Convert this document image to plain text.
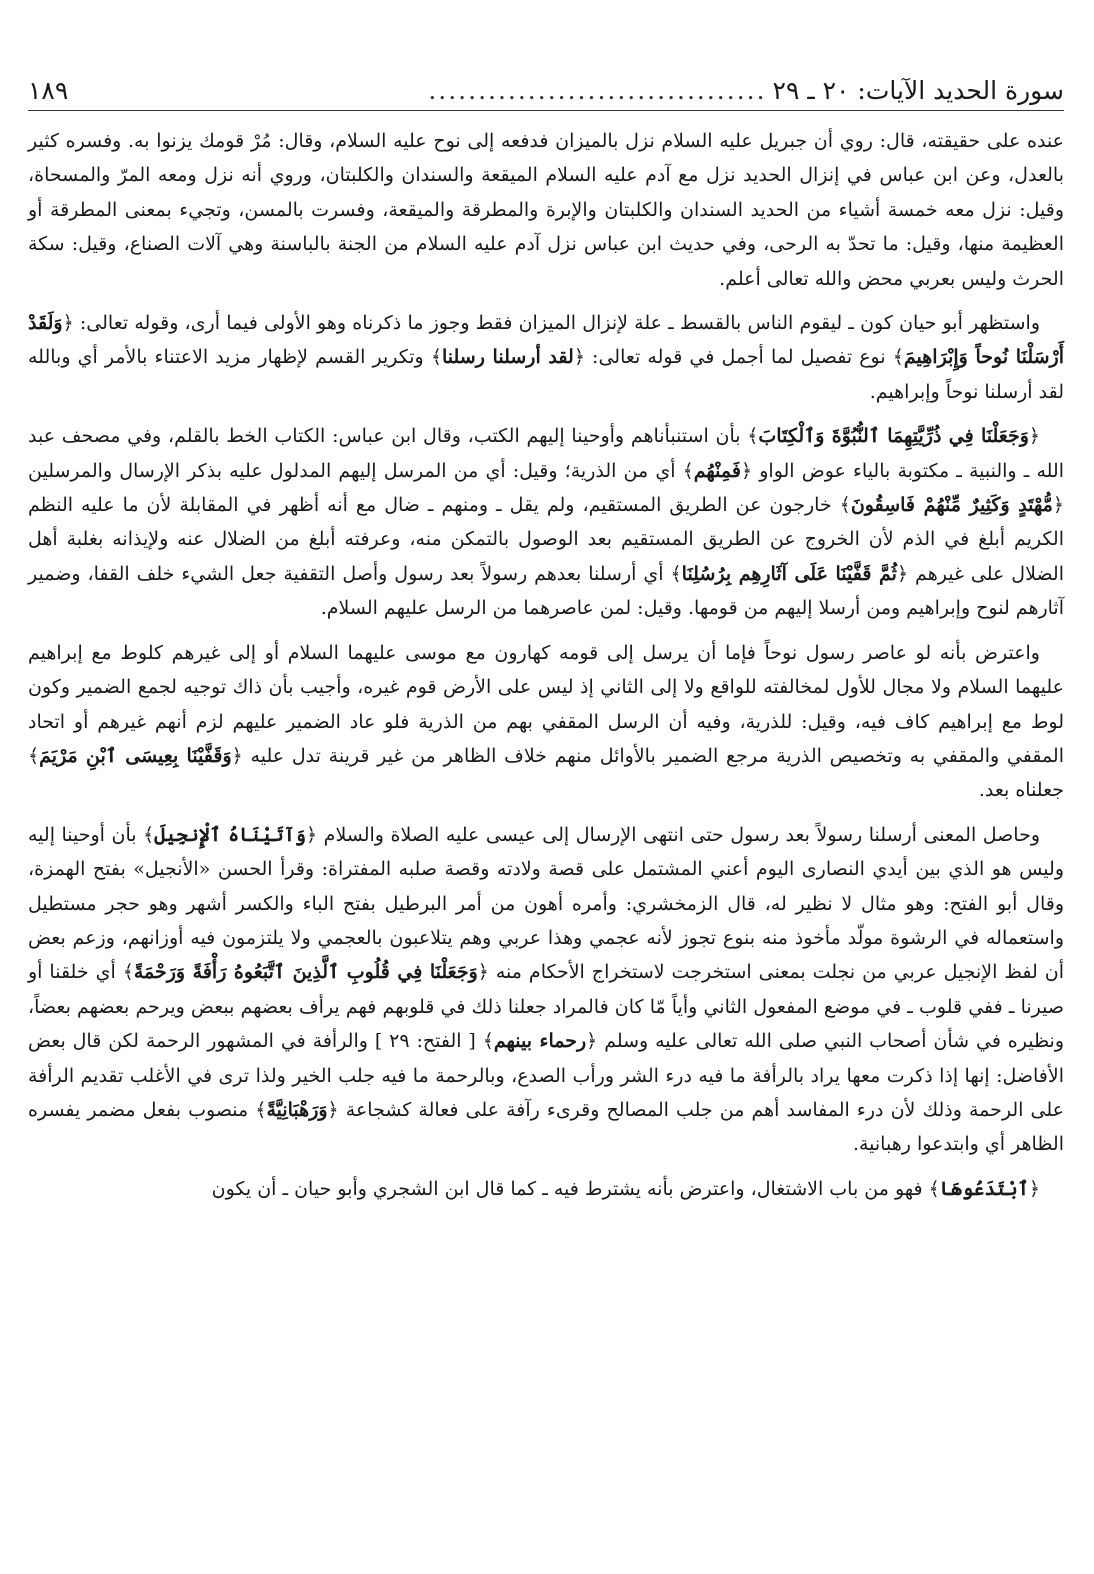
سورة الحديد الآيات: ٢٠ ـ ٢٩
..................................
١٨٩

عنده على حقيقته، قال: روي أن جبريل عليه السلام نزل بالميزان فدفعه إلى نوح عليه السلام، وقال: مُرْ قومك يزنوا به. وفسره كثير بالعدل، وعن ابن عباس في إنزال الحديد نزل مع آدم عليه السلام الميقعة والسندان والكلبتان، وروي أنه نزل ومعه المرّ والمسحاة، وقيل: نزل معه خمسة أشياء من الحديد السندان والكلبتان والإبرة والمطرقة والميقعة، وفسرت بالمسن، وتجيء بمعنى المطرقة أو العظيمة منها، وقيل: ما تحدّ به الرحى، وفي حديث ابن عباس نزل آدم عليه السلام من الجنة بالباسنة وهي آلات الصناع، وقيل: سكة الحرث وليس بعربي محض والله تعالى أعلم.

واستظهر أبو حيان كون ـ ليقوم الناس بالقسط ـ علة لإنزال الميزان فقط وجوز ما ذكرناه وهو الأولى فيما أرى، وقوله تعالى: ﴿وَلَقَدْ أَرْسَلْنَا نُوحاً وَإِبْرَاهِيمَ﴾ نوع تفصيل لما أجمل في قوله تعالى: ﴿لقد أرسلنا رسلنا﴾ وتكرير القسم لإظهار مزيد الاعتناء بالأمر أي وبالله لقد أرسلنا نوحاً وإبراهيم.

﴿وَجَعَلْنَا فِي ذُرِّيَّتِهِمَا ٱلنُّبُوَّةَ وَٱلْكِتَابَ﴾ بأن استنبأناهم وأوحينا إليهم الكتب، وقال ابن عباس: الكتاب الخط بالقلم، وفي مصحف عبد الله ـ والنبية ـ مكتوبة بالياء عوض الواو ﴿فَمِنْهُم﴾ أي من الذرية؛ وقيل: أي من المرسل إليهم المدلول عليه بذكر الإرسال والمرسلين ﴿مُّهْتَدٍ وَكَثِيرٌ مِّنْهُمْ فَاسِقُونَ﴾ خارجون عن الطريق المستقيم، ولم يقل ـ ومنهم ـ ضال مع أنه أظهر في المقابلة لأن ما عليه النظم الكريم أبلغ في الذم لأن الخروج عن الطريق المستقيم بعد الوصول بالتمكن منه، وعرفته أبلغ من الضلال عنه ولإيذانه بغلبة أهل الضلال على غيرهم ﴿ثُمَّ قَفَّيْنَا عَلَى آثَارِهِم بِرُسُلِنَا﴾ أي أرسلنا بعدهم رسولاً بعد رسول وأصل التقفية جعل الشيء خلف القفا، وضمير آثارهم لنوح وإبراهيم ومن أرسلا إليهم من قومها. وقيل: لمن عاصرهما من الرسل عليهم السلام.

واعترض بأنه لو عاصر رسول نوحاً فإما أن يرسل إلى قومه كهارون مع موسى عليهما السلام أو إلى غيرهم كلوط مع إبراهيم عليهما السلام ولا مجال للأول لمخالفته للواقع ولا إلى الثاني إذ ليس على الأرض قوم غيره، وأجيب بأن ذاك توجيه لجمع الضمير وكون لوط مع إبراهيم كاف فيه، وقيل: للذرية، وفيه أن الرسل المقفي بهم من الذرية فلو عاد الضمير عليهم لزم أنهم غيرهم أو اتحاد المقفي والمقفي به وتخصيص الذرية مرجع الضمير بالأوائل منهم خلاف الظاهر من غير قرينة تدل عليه ﴿وَقَفَّيْنَا بِعِيسَى ٱبْنِ مَرْيَمَ﴾ جعلناه بعد.

وحاصل المعنى أرسلنا رسولاً بعد رسول حتى انتهى الإرسال إلى عيسى عليه الصلاة والسلام ﴿وَآتَيْنَاهُ ٱلْإِنجِيلَ﴾ بأن أوحينا إليه وليس هو الذي بين أيدي النصارى اليوم أعني المشتمل على قصة ولادته وقصة صلبه المفتراة: وقرأ الحسن «الأنجيل» بفتح الهمزة، وقال أبو الفتح: وهو مثال لا نظير له، قال الزمخشري: وأمره أهون من أمر البرطيل بفتح الباء والكسر أشهر وهو حجر مستطيل واستعماله في الرشوة مولّد مأخوذ منه بنوع تجوز لأنه عجمي وهذا عربي وهم يتلاعبون بالعجمي ولا يلتزمون فيه أوزانهم، وزعم بعض أن لفظ الإنجيل عربي من نجلت بمعنى استخرجت لاستخراج الأحكام منه ﴿وَجَعَلْنَا فِي قُلُوبِ ٱلَّذِينَ ٱتَّبَعُوهُ رَأْفَةً وَرَحْمَةً﴾ أي خلقنا أو صيرنا ـ ففي قلوب ـ في موضع المفعول الثاني وأياً مّا كان فالمراد جعلنا ذلك في قلوبهم فهم يرأف بعضهم ببعض ويرحم بعضهم بعضاً، ونظيره في شأن أصحاب النبي صلى الله تعالى عليه وسلم ﴿رحماء بينهم﴾ [ الفتح: ٢٩ ] والرأفة في المشهور الرحمة لكن قال بعض الأفاضل: إنها إذا ذكرت معها يراد بالرأفة ما فيه درء الشر ورأب الصدع، وبالرحمة ما فيه جلب الخير ولذا ترى في الأغلب تقديم الرأفة على الرحمة وذلك لأن درء المفاسد أهم من جلب المصالح وقرىء رآفة على فعالة كشجاعة ﴿وَرَهْبَانِيَّةً﴾ منصوب بفعل مضمر يفسره الظاهر أي وابتدعوا رهبانية.

﴿ٱبْتَدَعُوهَا﴾ فهو من باب الاشتغال، واعترض بأنه يشترط فيه ـ كما قال ابن الشجري وأبو حيان ـ أن يكون
